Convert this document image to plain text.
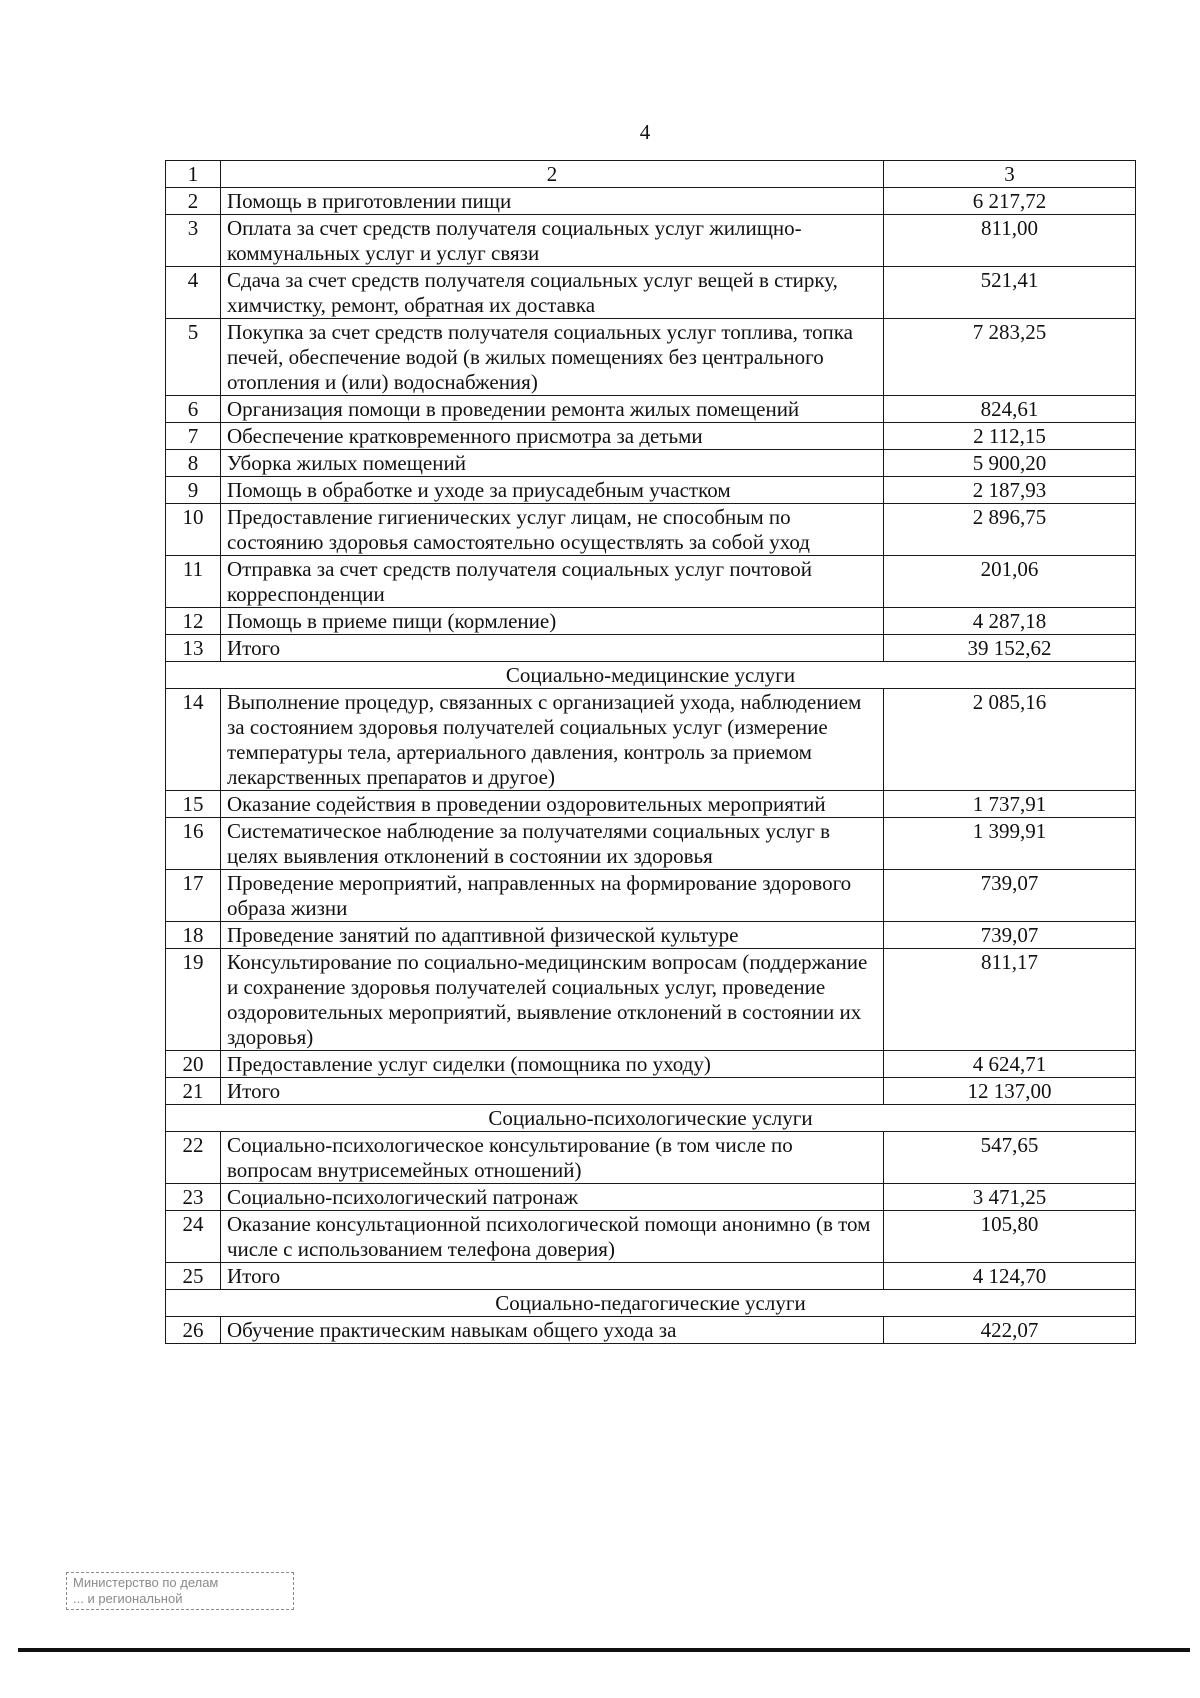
4
1	2	3
2	Помощь в приготовлении пищи	6 217,72
3	Оплата за счет средств получателя социальных услуг жилищно-коммунальных услуг и услуг связи	811,00
4	Сдача за счет средств получателя социальных услуг вещей в стирку, химчистку, ремонт, обратная их доставка	521,41
5	Покупка за счет средств получателя социальных услуг топлива, топка печей, обеспечение водой (в жилых помещениях без центрального отопления и (или) водоснабжения)	7 283,25
6	Организация помощи в проведении ремонта жилых помещений	824,61
7	Обеспечение кратковременного присмотра за детьми	2 112,15
8	Уборка жилых помещений	5 900,20
9	Помощь в обработке и уходе за приусадебным участком	2 187,93
10	Предоставление гигиенических услуг лицам, не способным по состоянию здоровья самостоятельно осуществлять за собой уход	2 896,75
11	Отправка за счет средств получателя социальных услуг почтовой корреспонденции	201,06
12	Помощь в приеме пищи (кормление)	4 287,18
13	Итого	39 152,62
Социально-медицинские услуги		
14	Выполнение процедур, связанных с организацией ухода, наблюдением за состоянием здоровья получателей социальных услуг (измерение температуры тела, артериального давления, контроль за приемом лекарственных препаратов и другое)	2 085,16
15	Оказание содействия в проведении оздоровительных мероприятий	1 737,91
16	Систематическое наблюдение за получателями социальных услуг в целях выявления отклонений в состоянии их здоровья	1 399,91
17	Проведение мероприятий, направленных на формирование здорового образа жизни	739,07
18	Проведение занятий по адаптивной физической культуре	739,07
19	Консультирование по социально-медицинским вопросам (поддержание и сохранение здоровья получателей социальных услуг, проведение оздоровительных мероприятий, выявление отклонений в состоянии их здоровья)	811,17
20	Предоставление услуг сиделки (помощника по уходу)	4 624,71
21	Итого	12 137,00
Социально-психологические услуги		
22	Социально-психологическое консультирование (в том числе по вопросам внутрисемейных отношений)	547,65
23	Социально-психологический патронаж	3 471,25
24	Оказание консультационной психологической помощи анонимно (в том числе с использованием телефона доверия)	105,80
25	Итого	4 124,70
Социально-педагогические услуги		
26	Обучение практическим навыкам общего ухода за	422,07
Министерство по делам
... и региональной
